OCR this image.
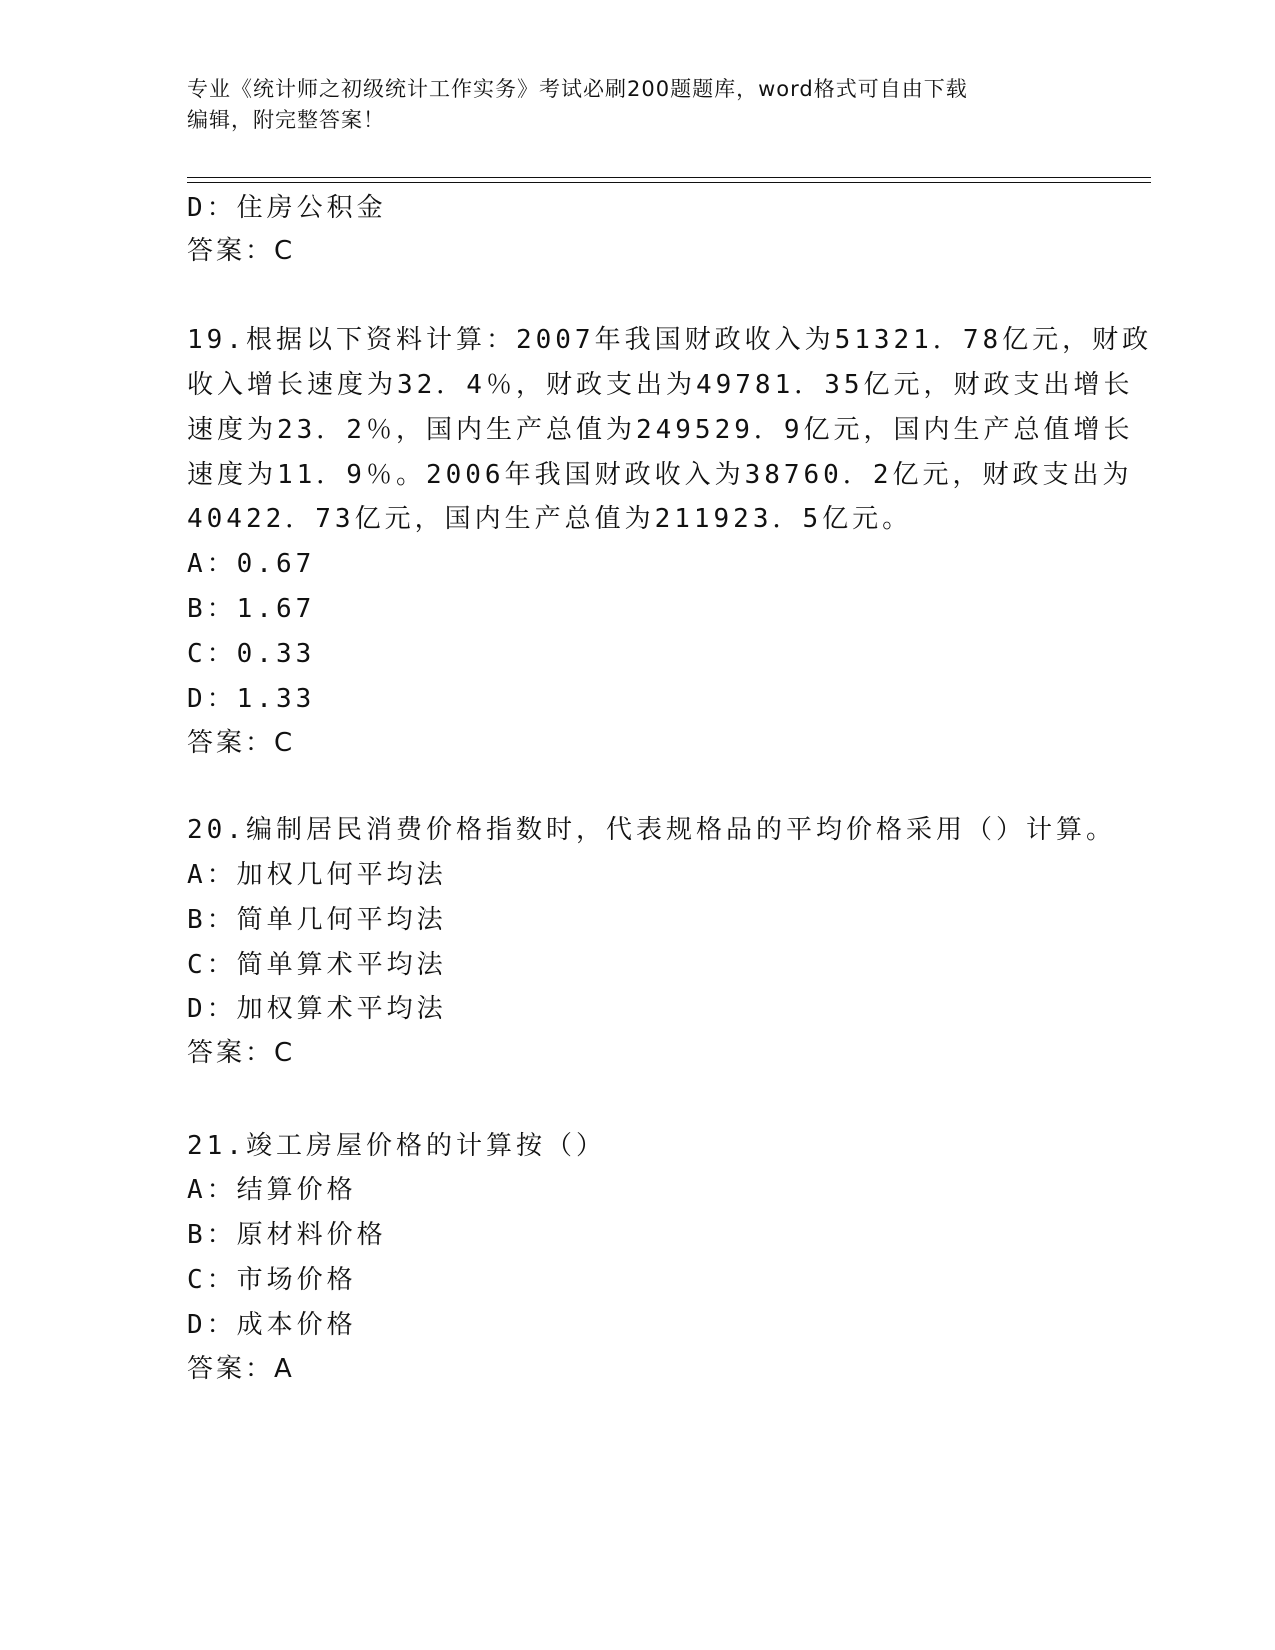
专业《统计师之初级统计工作实务》考试必刷200题题库，word格式可自由下载
编辑，附完整答案！
D：住房公积金
答案：C
19.根据以下资料计算：2007年我国财政收入为51321．78亿元，财政
收入增长速度为32．4％，财政支出为49781．35亿元，财政支出增长
速度为23．2％，国内生产总值为249529．9亿元，国内生产总值增长
速度为11．9％。2006年我国财政收入为38760．2亿元，财政支出为
40422．73亿元，国内生产总值为211923．5亿元。
A：0.67
B：1.67
C：0.33
D：1.33
答案：C
20.编制居民消费价格指数时，代表规格品的平均价格采用（）计算。
A：加权几何平均法
B：简单几何平均法
C：简单算术平均法
D：加权算术平均法
答案：C
21.竣工房屋价格的计算按（）
A：结算价格
B：原材料价格
C：市场价格
D：成本价格
答案：A
